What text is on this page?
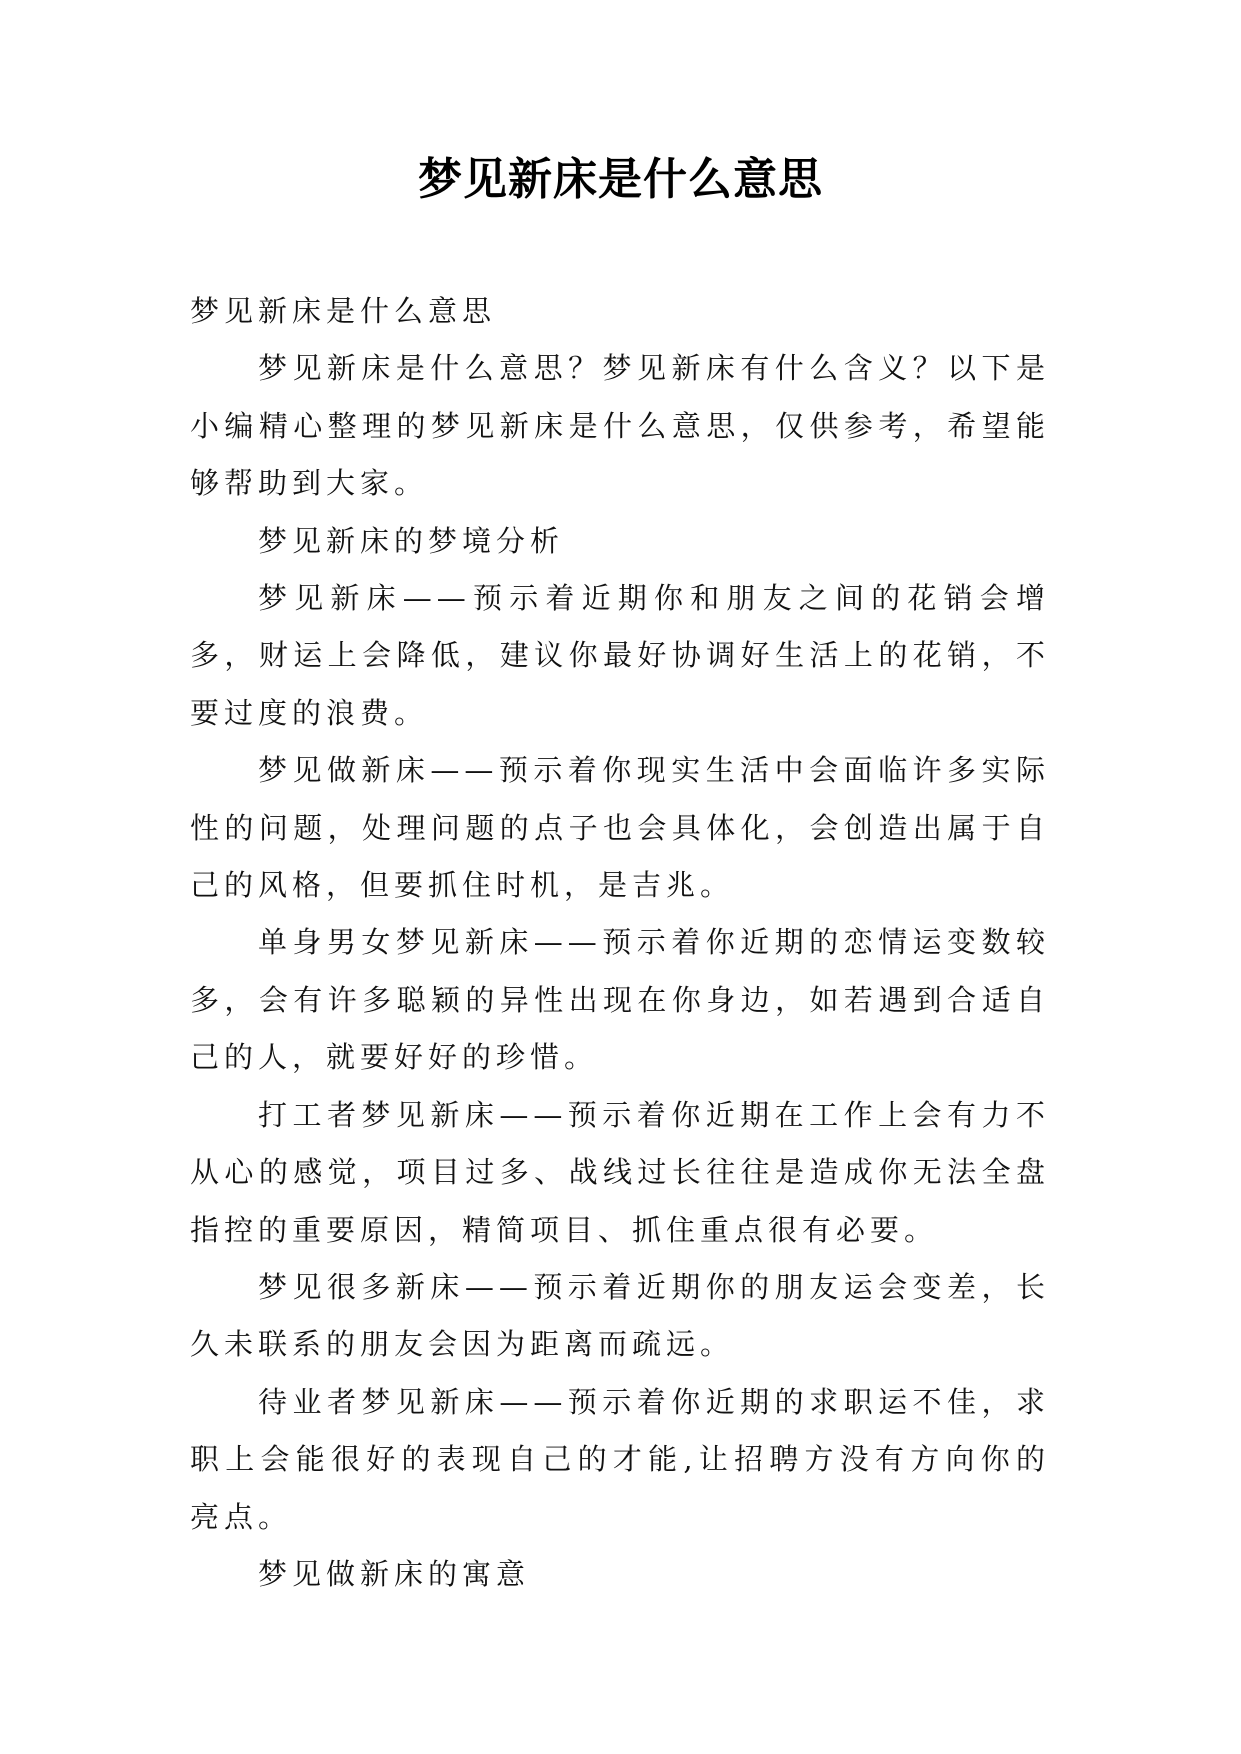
梦见新床是什么意思

梦见新床是什么意思

梦见新床是什么意思？梦见新床有什么含义？以下是小编精心整理的梦见新床是什么意思，仅供参考，希望能够帮助到大家。

梦见新床的梦境分析

梦见新床——预示着近期你和朋友之间的花销会增多，财运上会降低，建议你最好协调好生活上的花销，不要过度的浪费。

梦见做新床——预示着你现实生活中会面临许多实际性的问题，处理问题的点子也会具体化，会创造出属于自己的风格，但要抓住时机，是吉兆。

单身男女梦见新床——预示着你近期的恋情运变数较多，会有许多聪颖的异性出现在你身边，如若遇到合适自己的人，就要好好的珍惜。

打工者梦见新床——预示着你近期在工作上会有力不从心的感觉，项目过多、战线过长往往是造成你无法全盘指控的重要原因，精简项目、抓住重点很有必要。

梦见很多新床——预示着近期你的朋友运会变差，长久未联系的朋友会因为距离而疏远。

待业者梦见新床——预示着你近期的求职运不佳，求职上会能很好的表现自己的才能,让招聘方没有方向你的亮点。

梦见做新床的寓意
